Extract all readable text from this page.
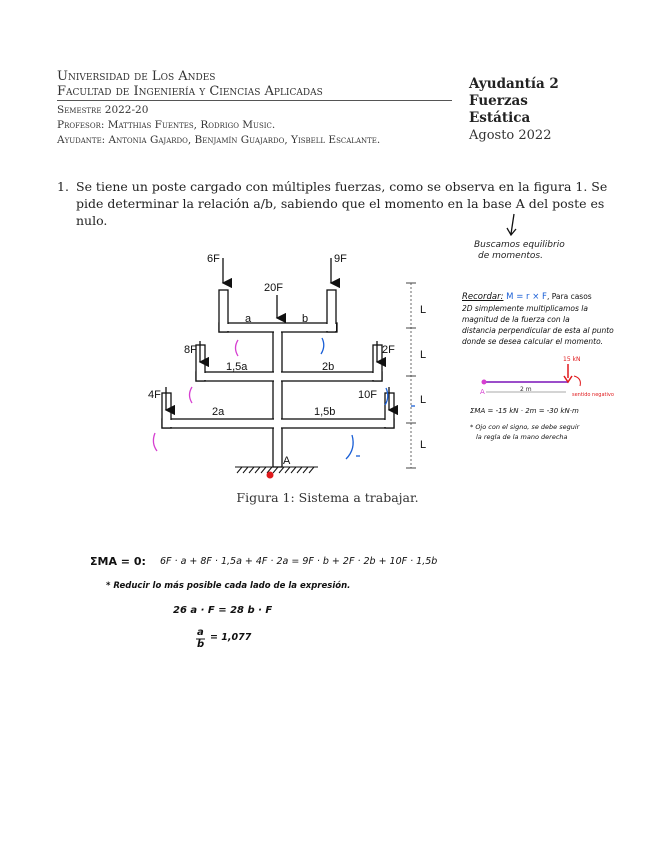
Universidad de Los Andes
Facultad de Ingeniería y Ciencias Aplicadas
Semestre 2022-20
Profesor: Matthias Fuentes, Rodrigo Music.
Ayudante: Antonia Gajardo, Benjamín Guajardo, Yisbell Escalante.
Ayudantía 2
Fuerzas
Estática
Agosto 2022
1. Se tiene un poste cargado con múltiples fuerzas, como se observa en la figura 1. Se pide determinar la relación a/b, sabiendo que el momento en la base A del poste es nulo.
6F	9F
20F
8F	2F
4F	10F
a	b
1,5a	2b
2a	1,5b
A
L
L
L
L
15 kN
A	2 m
sentido negativo
Figura 1: Sistema a trabajar.
Buscamos equilibrio
de momentos.
Recordar: M = r × F, Para casos
2D simplemente multiplicamos la
magnitud de la fuerza con la
distancia perpendicular de esta al punto
donde se desea calcular el momento.
ΣMA = -15 kN · 2m = -30 kN·m
* Ojo con el signo, se debe seguir
la regla de la mano derecha
ΣMA = 0: 6F · a + 8F · 1,5a + 4F · 2a = 9F · b + 2F · 2b + 10F · 1,5b
* Reducir lo más posible cada lado de la expresión.
26 a · F = 28 b · F
a
b
= 1,077
